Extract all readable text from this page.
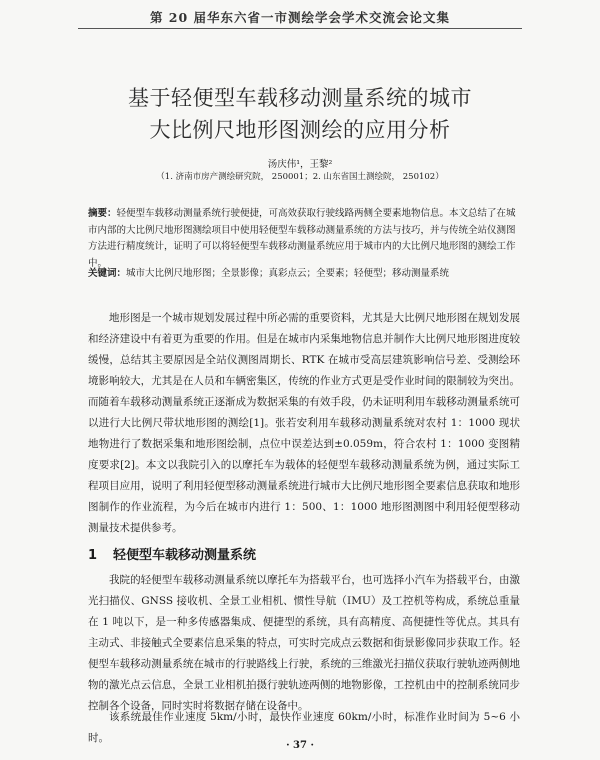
第 20 届华东六省一市测绘学会学术交流会论文集
基于轻便型车载移动测量系统的城市
大比例尺地形图测绘的应用分析
汤庆伟¹，王黎²
（1. 济南市房产测绘研究院， 250001；2. 山东省国土测绘院， 250102）
摘要：轻便型车载移动测量系统行驶便捷，可高效获取行驶线路两侧全要素地物信息。本文总结了在城市内部的大比例尺地形图测绘项目中使用轻便型车载移动测量系统的方法与技巧，并与传统全站仪测图方法进行精度统计，证明了可以将轻便型车载移动测量系统应用于城市内的大比例尺地形图的测绘工作中。
关键词：城市大比例尺地形图；全景影像；真彩点云；全要素；轻便型；移动测量系统

地形图是一个城市规划发展过程中所必需的重要资料，尤其是大比例尺地形图在规划发展和经济建设中有着更为重要的作用。但是在城市内采集地物信息并制作大比例尺地形图进度较缓慢，总结其主要原因是全站仪测图周期长、RTK 在城市受高层建筑影响信号差、受测绘环境影响较大，尤其是在人员和车辆密集区，传统的作业方式更是受作业时间的限制较为突出。而随着车载移动测量系统正逐渐成为数据采集的有效手段，仍未证明利用车载移动测量系统可以进行大比例尺带状地形图的测绘[1]。张若安利用车载移动测量系统对农村 1：1000 现状地物进行了数据采集和地形图绘制，点位中误差达到±0.059m，符合农村 1：1000 变图精度要求[2]。本文以我院引入的以摩托车为载体的轻便型车载移动测量系统为例，通过实际工程项目应用，说明了利用轻便型移动测量系统进行城市大比例尺地形图全要素信息获取和地形图制作的作业流程，为今后在城市内进行 1：500、1：1000 地形图测图中利用轻便型移动测量技术提供参考。

1 轻便型车载移动测量系统

我院的轻便型车载移动测量系统以摩托车为搭载平台，也可选择小汽车为搭载平台，由激光扫描仪、GNSS 接收机、全景工业相机、惯性导航（IMU）及工控机等构成，系统总重量在 1 吨以下，是一种多传感器集成、便捷型的系统，具有高精度、高便捷性等优点。其具有主动式、非接触式全要素信息采集的特点，可实时完成点云数据和街景影像同步获取工作。轻便型车载移动测量系统在城市的行驶路线上行驶，系统的三维激光扫描仪获取行驶轨迹两侧地物的激光点云信息，全景工业相机拍摄行驶轨迹两侧的地物影像，工控机由中的控制系统同步控制各个设备，同时实时将数据存储在设备中。

该系统最佳作业速度 5km/小时，最快作业速度 60km/小时，标准作业时间为 5~6 小时。

· 37 ·
